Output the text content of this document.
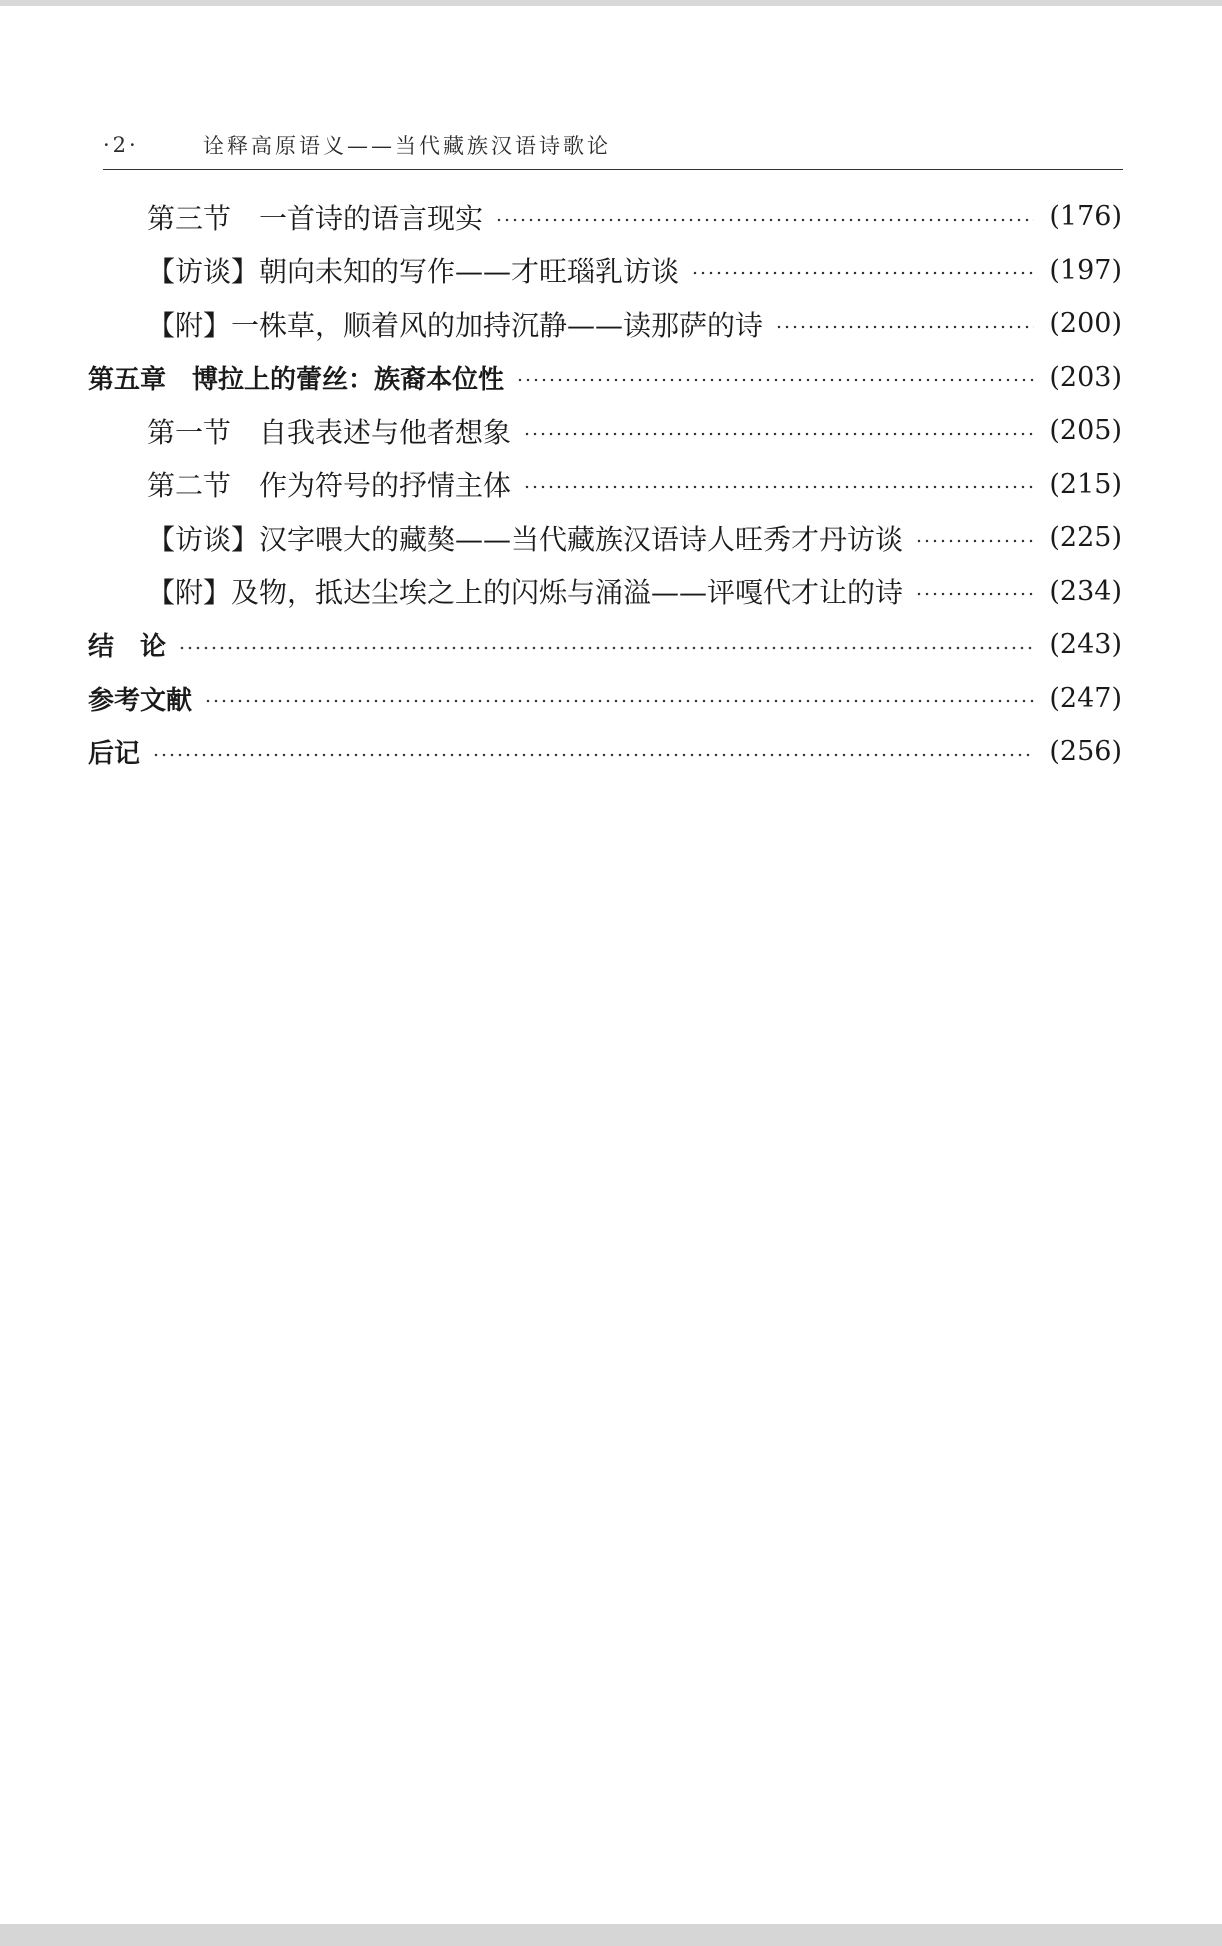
·2·	诠释高原语义——当代藏族汉语诗歌论
第三节　一首诗的语言现实	(176)
【访谈】朝向未知的写作——才旺瑙乳访谈	(197)
【附】一株草，顺着风的加持沉静——读那萨的诗	(200)
第五章　博拉上的蕾丝：族裔本位性	(203)
第一节　自我表述与他者想象	(205)
第二节　作为符号的抒情主体	(215)
【访谈】汉字喂大的藏獒——当代藏族汉语诗人旺秀才丹访谈	(225)
【附】及物，抵达尘埃之上的闪烁与涌溢——评嘎代才让的诗	(234)
结　论	(243)
参考文献	(247)
后记	(256)
